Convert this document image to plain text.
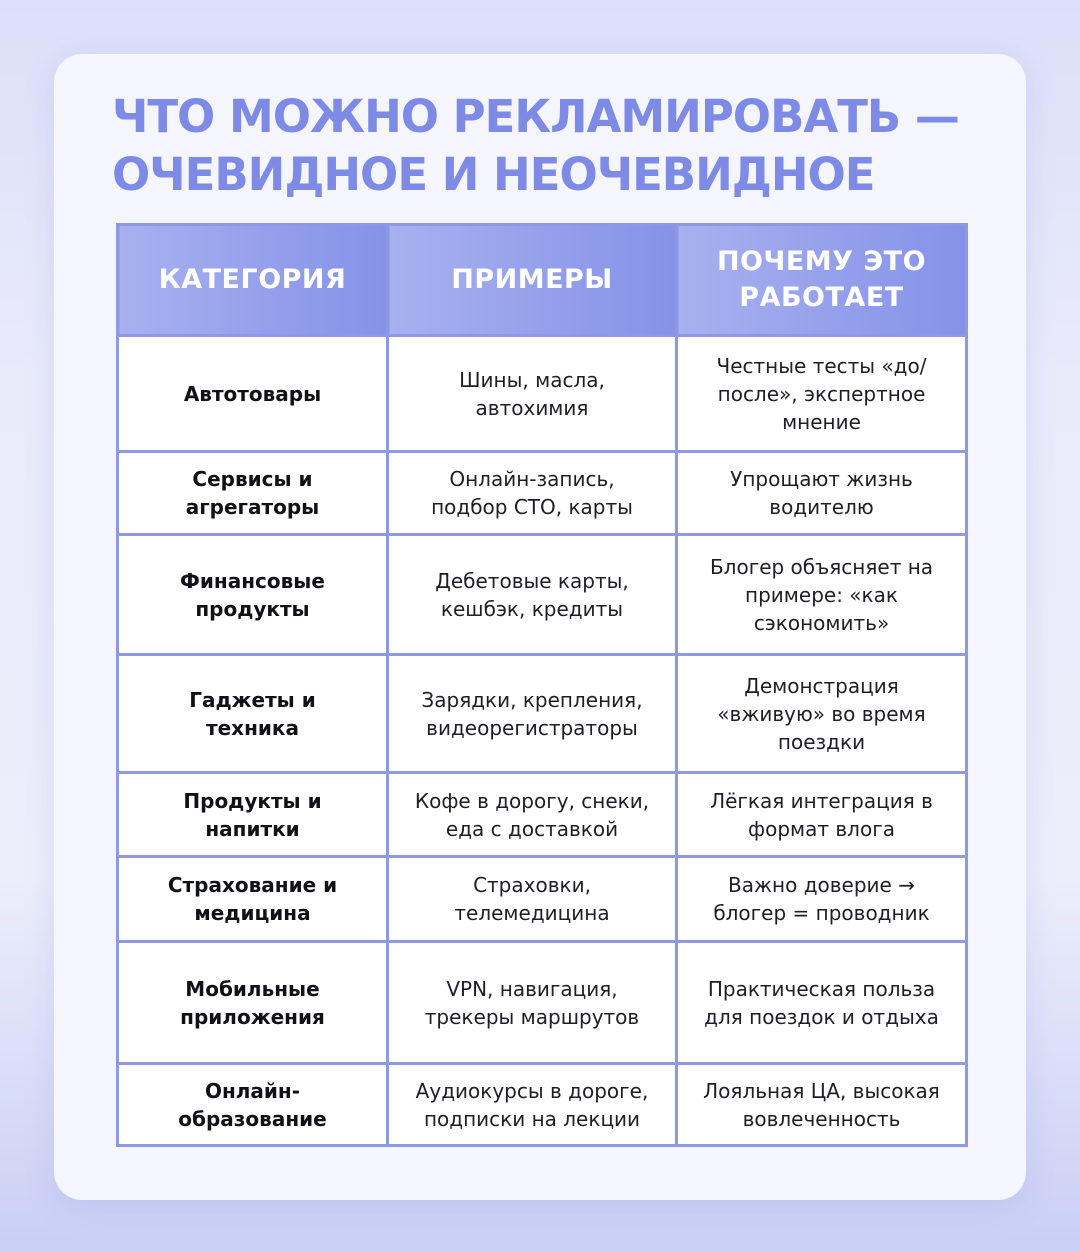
ЧТО МОЖНО РЕКЛАМИРОВАТЬ —
ОЧЕВИДНОЕ И НЕОЧЕВИДНОЕ
КАТЕГОРИЯ	ПРИМЕРЫ	ПОЧЕМУ ЭТО РАБОТАЕТ
Автотовары	Шины, масла, автохимия	Честные тесты «до/после», экспертное мнение
Сервисы и агрегаторы	Онлайн-запись, подбор СТО, карты	Упрощают жизнь водителю
Финансовые продукты	Дебетовые карты, кешбэк, кредиты	Блогер объясняет на примере: «как сэкономить»
Гаджеты и техника	Зарядки, крепления, видеорегистраторы	Демонстрация «вживую» во время поездки
Продукты и напитки	Кофе в дорогу, снеки, еда с доставкой	Лёгкая интеграция в формат влога
Страхование и медицина	Страховки, телемедицина	Важно доверие → блогер = проводник
Мобильные приложения	VPN, навигация, трекеры маршрутов	Практическая польза для поездок и отдыха
Онлайн-образование	Аудиокурсы в дороге, подписки на лекции	Лояльная ЦА, высокая вовлеченность
